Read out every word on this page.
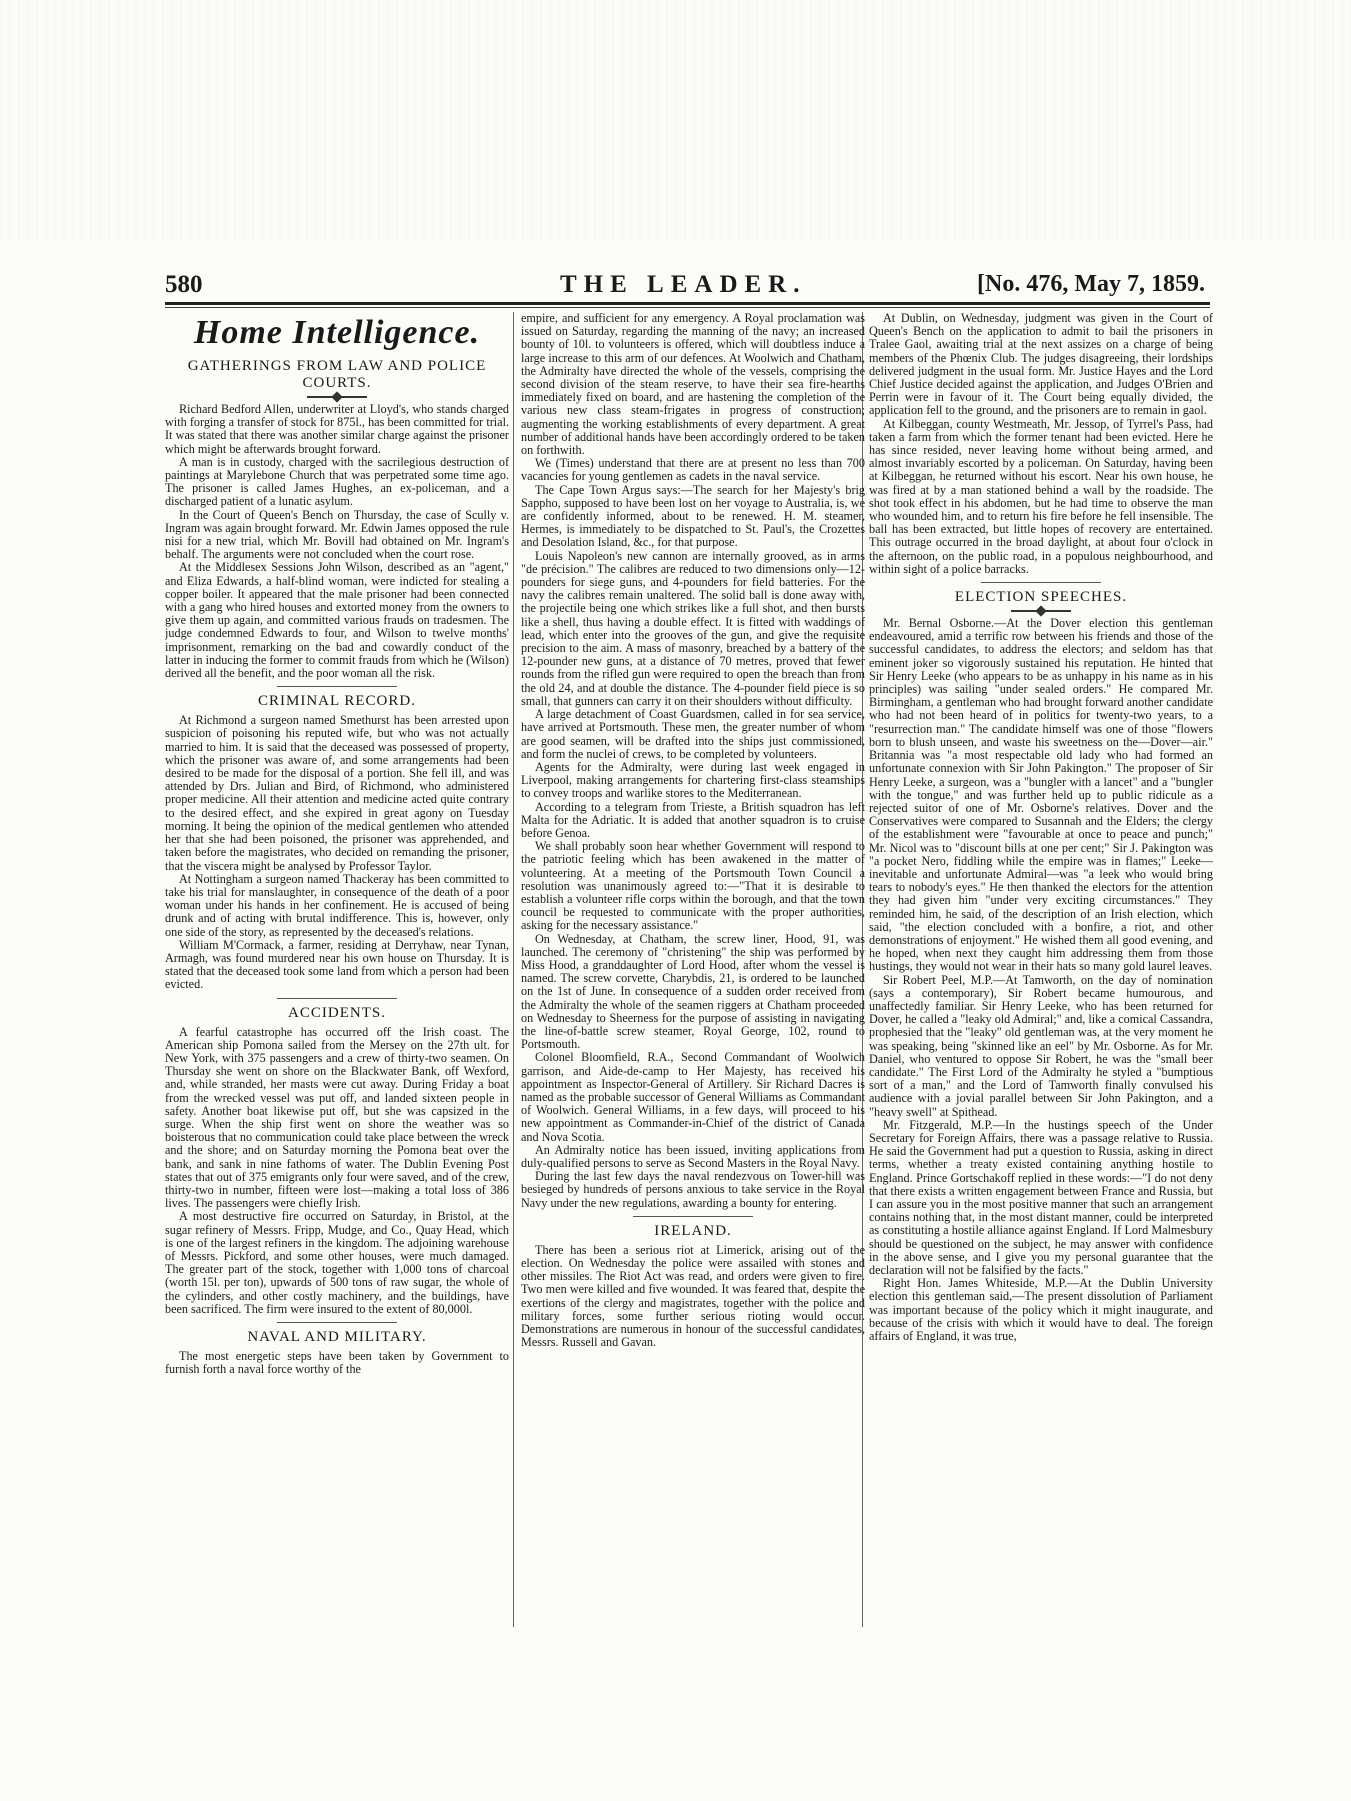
580	THE LEADER.	[No. 476, May 7, 1859.
Home Intelligence.
GATHERINGS FROM LAW AND POLICE COURTS.

Richard Bedford Allen, underwriter at Lloyd's, who stands charged with forging a transfer of stock for 875l., has been committed for trial. It was stated that there was another similar charge against the prisoner which might be afterwards brought forward.

A man is in custody, charged with the sacrilegious destruction of paintings at Marylebone Church that was perpetrated some time ago. The prisoner is called James Hughes, an ex-policeman, and a discharged patient of a lunatic asylum.

In the Court of Queen's Bench on Thursday, the case of Scully v. Ingram was again brought forward. Mr. Edwin James opposed the rule nisi for a new trial, which Mr. Bovill had obtained on Mr. Ingram's behalf. The arguments were not concluded when the court rose.

At the Middlesex Sessions John Wilson, described as an "agent," and Eliza Edwards, a half-blind woman, were indicted for stealing a copper boiler. It appeared that the male prisoner had been connected with a gang who hired houses and extorted money from the owners to give them up again, and committed various frauds on tradesmen. The judge condemned Edwards to four, and Wilson to twelve months' imprisonment, remarking on the bad and cowardly conduct of the latter in inducing the former to commit frauds from which he (Wilson) derived all the benefit, and the poor woman all the risk.

CRIMINAL RECORD.

At Richmond a surgeon named Smethurst has been arrested upon suspicion of poisoning his reputed wife, but who was not actually married to him. It is said that the deceased was possessed of property, which the prisoner was aware of, and some arrangements had been desired to be made for the disposal of a portion. She fell ill, and was attended by Drs. Julian and Bird, of Richmond, who administered proper medicine. All their attention and medicine acted quite contrary to the desired effect, and she expired in great agony on Tuesday morning. It being the opinion of the medical gentlemen who attended her that she had been poisoned, the prisoner was apprehended, and taken before the magistrates, who decided on remanding the prisoner, that the viscera might be analysed by Professor Taylor.

At Nottingham a surgeon named Thackeray has been committed to take his trial for manslaughter, in consequence of the death of a poor woman under his hands in her confinement. He is accused of being drunk and of acting with brutal indifference. This is, however, only one side of the story, as represented by the deceased's relations.

William M'Cormack, a farmer, residing at Derryhaw, near Tynan, Armagh, was found murdered near his own house on Thursday. It is stated that the deceased took some land from which a person had been evicted.

ACCIDENTS.

A fearful catastrophe has occurred off the Irish coast. The American ship Pomona sailed from the Mersey on the 27th ult. for New York, with 375 passengers and a crew of thirty-two seamen. On Thursday she went on shore on the Blackwater Bank, off Wexford, and, while stranded, her masts were cut away. During Friday a boat from the wrecked vessel was put off, and landed sixteen people in safety. Another boat likewise put off, but she was capsized in the surge. When the ship first went on shore the weather was so boisterous that no communication could take place between the wreck and the shore; and on Saturday morning the Pomona beat over the bank, and sank in nine fathoms of water. The Dublin Evening Post states that out of 375 emigrants only four were saved, and of the crew, thirty-two in number, fifteen were lost—making a total loss of 386 lives. The passengers were chiefly Irish.

A most destructive fire occurred on Saturday, in Bristol, at the sugar refinery of Messrs. Fripp, Mudge, and Co., Quay Head, which is one of the largest refiners in the kingdom. The adjoining warehouse of Messrs. Pickford, and some other houses, were much damaged. The greater part of the stock, together with 1,000 tons of charcoal (worth 15l. per ton), upwards of 500 tons of raw sugar, the whole of the cylinders, and other costly machinery, and the buildings, have been sacrificed. The firm were insured to the extent of 80,000l.

NAVAL AND MILITARY.

The most energetic steps have been taken by Government to furnish forth a naval force worthy of the

empire, and sufficient for any emergency. A Royal proclamation was issued on Saturday, regarding the manning of the navy; an increased bounty of 10l. to volunteers is offered, which will doubtless induce a large increase to this arm of our defences. At Woolwich and Chatham, the Admiralty have directed the whole of the vessels, comprising the second division of the steam reserve, to have their sea fire-hearths immediately fixed on board, and are hastening the completion of the various new class steam-frigates in progress of construction; augmenting the working establishments of every department. A great number of additional hands have been accordingly ordered to be taken on forthwith.

We (Times) understand that there are at present no less than 700 vacancies for young gentlemen as cadets in the naval service.

The Cape Town Argus says:—The search for her Majesty's brig Sappho, supposed to have been lost on her voyage to Australia, is, we are confidently informed, about to be renewed. H. M. steamer, Hermes, is immediately to be dispatched to St. Paul's, the Crozettes and Desolation Island, &c., for that purpose.

Louis Napoleon's new cannon are internally grooved, as in arms "de précision." The calibres are reduced to two dimensions only—12-pounders for siege guns, and 4-pounders for field batteries. For the navy the calibres remain unaltered. The solid ball is done away with, the projectile being one which strikes like a full shot, and then bursts like a shell, thus having a double effect. It is fitted with waddings of lead, which enter into the grooves of the gun, and give the requisite precision to the aim. A mass of masonry, breached by a battery of the 12-pounder new guns, at a distance of 70 metres, proved that fewer rounds from the rifled gun were required to open the breach than from the old 24, and at double the distance. The 4-pounder field piece is so small, that gunners can carry it on their shoulders without difficulty.

A large detachment of Coast Guardsmen, called in for sea service, have arrived at Portsmouth. These men, the greater number of whom are good seamen, will be drafted into the ships just commissioned, and form the nuclei of crews, to be completed by volunteers.

Agents for the Admiralty, were during last week engaged in Liverpool, making arrangements for chartering first-class steamships to convey troops and warlike stores to the Mediterranean.

According to a telegram from Trieste, a British squadron has left Malta for the Adriatic. It is added that another squadron is to cruise before Genoa.

We shall probably soon hear whether Government will respond to the patriotic feeling which has been awakened in the matter of volunteering. At a meeting of the Portsmouth Town Council a resolution was unanimously agreed to:—"That it is desirable to establish a volunteer rifle corps within the borough, and that the town council be requested to communicate with the proper authorities, asking for the necessary assistance."

On Wednesday, at Chatham, the screw liner, Hood, 91, was launched. The ceremony of "christening" the ship was performed by Miss Hood, a granddaughter of Lord Hood, after whom the vessel is named. The screw corvette, Charybdis, 21, is ordered to be launched on the 1st of June. In consequence of a sudden order received from the Admiralty the whole of the seamen riggers at Chatham proceeded on Wednesday to Sheerness for the purpose of assisting in navigating the line-of-battle screw steamer, Royal George, 102, round to Portsmouth.

Colonel Bloomfield, R.A., Second Commandant of Woolwich garrison, and Aide-de-camp to Her Majesty, has received his appointment as Inspector-General of Artillery. Sir Richard Dacres is named as the probable successor of General Williams as Commandant of Woolwich. General Williams, in a few days, will proceed to his new appointment as Commander-in-Chief of the district of Canada and Nova Scotia.

An Admiralty notice has been issued, inviting applications from duly-qualified persons to serve as Second Masters in the Royal Navy.

During the last few days the naval rendezvous on Tower-hill was besieged by hundreds of persons anxious to take service in the Royal Navy under the new regulations, awarding a bounty for entering.

IRELAND.

There has been a serious riot at Limerick, arising out of the election. On Wednesday the police were assailed with stones and other missiles. The Riot Act was read, and orders were given to fire. Two men were killed and five wounded. It was feared that, despite the exertions of the clergy and magistrates, together with the police and military forces, some further serious rioting would occur. Demonstrations are numerous in honour of the successful candidates, Messrs. Russell and Gavan.

At Dublin, on Wednesday, judgment was given in the Court of Queen's Bench on the application to admit to bail the prisoners in Tralee Gaol, awaiting trial at the next assizes on a charge of being members of the Phœnix Club. The judges disagreeing, their lordships delivered judgment in the usual form. Mr. Justice Hayes and the Lord Chief Justice decided against the application, and Judges O'Brien and Perrin were in favour of it. The Court being equally divided, the application fell to the ground, and the prisoners are to remain in gaol.

At Kilbeggan, county Westmeath, Mr. Jessop, of Tyrrel's Pass, had taken a farm from which the former tenant had been evicted. Here he has since resided, never leaving home without being armed, and almost invariably escorted by a policeman. On Saturday, having been at Kilbeggan, he returned without his escort. Near his own house, he was fired at by a man stationed behind a wall by the roadside. The shot took effect in his abdomen, but he had time to observe the man who wounded him, and to return his fire before he fell insensible. The ball has been extracted, but little hopes of recovery are entertained. This outrage occurred in the broad daylight, at about four o'clock in the afternoon, on the public road, in a populous neighbourhood, and within sight of a police barracks.

ELECTION SPEECHES.

Mr. Bernal Osborne.—At the Dover election this gentleman endeavoured, amid a terrific row between his friends and those of the successful candidates, to address the electors; and seldom has that eminent joker so vigorously sustained his reputation. He hinted that Sir Henry Leeke (who appears to be as unhappy in his name as in his principles) was sailing "under sealed orders." He compared Mr. Birmingham, a gentleman who had brought forward another candidate who had not been heard of in politics for twenty-two years, to a "resurrection man." The candidate himself was one of those "flowers born to blush unseen, and waste his sweetness on the—Dover—air." Britannia was "a most respectable old lady who had formed an unfortunate connexion with Sir John Pakington." The proposer of Sir Henry Leeke, a surgeon, was a "bungler with a lancet" and a "bungler with the tongue," and was further held up to public ridicule as a rejected suitor of one of Mr. Osborne's relatives. Dover and the Conservatives were compared to Susannah and the Elders; the clergy of the establishment were "favourable at once to peace and punch;" Mr. Nicol was to "discount bills at one per cent;" Sir J. Pakington was "a pocket Nero, fiddling while the empire was in flames;" Leeke—inevitable and unfortunate Admiral—was "a leek who would bring tears to nobody's eyes." He then thanked the electors for the attention they had given him "under very exciting circumstances." They reminded him, he said, of the description of an Irish election, which said, "the election concluded with a bonfire, a riot, and other demonstrations of enjoyment." He wished them all good evening, and he hoped, when next they caught him addressing them from those hustings, they would not wear in their hats so many gold laurel leaves.

Sir Robert Peel, M.P.—At Tamworth, on the day of nomination (says a contemporary), Sir Robert became humourous, and unaffectedly familiar. Sir Henry Leeke, who has been returned for Dover, he called a "leaky old Admiral;" and, like a comical Cassandra, prophesied that the "leaky" old gentleman was, at the very moment he was speaking, being "skinned like an eel" by Mr. Osborne. As for Mr. Daniel, who ventured to oppose Sir Robert, he was the "small beer candidate." The First Lord of the Admiralty he styled a "bumptious sort of a man," and the Lord of Tamworth finally convulsed his audience with a jovial parallel between Sir John Pakington, and a "heavy swell" at Spithead.

Mr. Fitzgerald, M.P.—In the hustings speech of the Under Secretary for Foreign Affairs, there was a passage relative to Russia. He said the Government had put a question to Russia, asking in direct terms, whether a treaty existed containing anything hostile to England. Prince Gortschakoff replied in these words:—"I do not deny that there exists a written engagement between France and Russia, but I can assure you in the most positive manner that such an arrangement contains nothing that, in the most distant manner, could be interpreted as constituting a hostile alliance against England. If Lord Malmesbury should be questioned on the subject, he may answer with confidence in the above sense, and I give you my personal guarantee that the declaration will not be falsified by the facts."

Right Hon. James Whiteside, M.P.—At the Dublin University election this gentleman said,—The present dissolution of Parliament was important because of the policy which it might inaugurate, and because of the crisis with which it would have to deal. The foreign affairs of England, it was true,
